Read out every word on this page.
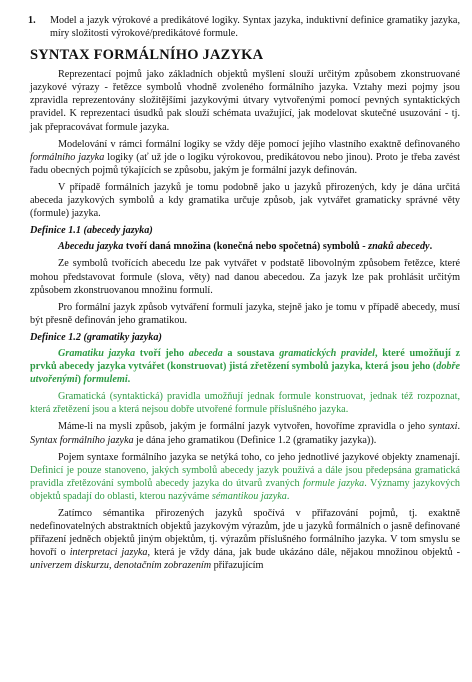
1. Model a jazyk výrokové a predikátové logiky. Syntax jazyka, induktivní definice gramatiky jazyka, míry složitosti výrokové/predikátové formule.
SYNTAX FORMÁLNÍHO JAZYKA

Reprezentací pojmů jako základních objektů myšlení slouží určitým způsobem zkonstruované jazykové výrazy - řetězce symbolů vhodně zvoleného formálního jazyka. Vztahy mezi pojmy jsou zpravidla reprezentovány složitějšími jazykovými útvary vytvořenými pomocí pevných syntaktických pravidel. K reprezentaci úsudků pak slouží schémata uvažující, jak modelovat skutečné usuzování - tj. jak přepracovávat formule jazyka.

Modelování v rámci formální logiky se vždy děje pomocí jejího vlastního exaktně definovaného formálního jazyka logiky (ať už jde o logiku výrokovou, predikátovou nebo jinou). Proto je třeba zavést řadu obecných pojmů týkajících se způsobu, jakým je formální jazyk definován.

V případě formálních jazyků je tomu podobně jako u jazyků přirozených, kdy je dána určitá abeceda jazykových symbolů a kdy gramatika určuje způsob, jak vytvářet gramaticky správné věty (formule) jazyka.

Definice 1.1 (abecedy jazyka)

Abecedu jazyka tvoří daná množina (konečná nebo spočetná) symbolů - znaků abecedy.

Ze symbolů tvořících abecedu lze pak vytvářet v podstatě libovolným způsobem řetězce, které mohou představovat formule (slova, věty) nad danou abecedou. Za jazyk lze pak prohlásit určitým způsobem zkonstruovanou množinu formulí.

Pro formální jazyk způsob vytváření formulí jazyka, stejně jako je tomu v případě abecedy, musí být přesně definován jeho gramatikou.

Definice 1.2 (gramatiky jazyka)

Gramatiku jazyka tvoří jeho abeceda a soustava gramatických pravidel, které umožňují z prvků abecedy jazyka vytvářet (konstruovat) jistá zřetězení symbolů jazyka, která jsou jeho (dobře utvořenými) formulemi.

Gramatická (syntaktická) pravidla umožňují jednak formule konstruovat, jednak též rozpoznat, která zřetězení jsou a která nejsou dobře utvořené formule příslušného jazyka.

Máme-li na mysli způsob, jakým je formální jazyk vytvořen, hovoříme zpravidla o jeho syntaxi. Syntax formálního jazyka je dána jeho gramatikou (Definice 1.2 (gramatiky jazyka)).

Pojem syntaxe formálního jazyka se netýká toho, co jeho jednotlivé jazykové objekty znamenají. Definicí je pouze stanoveno, jakých symbolů abecedy jazyk používá a dále jsou předepsána gramatická pravidla zřetězování symbolů abecedy jazyka do útvarů zvaných formule jazyka. Významy jazykových objektů spadají do oblasti, kterou nazýváme sémantikou jazyka.

Zatímco sémantika přirozených jazyků spočívá v přiřazování pojmů, tj. exaktně nedefinovatelných abstraktních objektů jazykovým výrazům, jde u jazyků formálních o jasně definované přiřazení jedněch objektů jiným objektům, tj. výrazům příslušného formálního jazyka. V tom smyslu se hovoří o interpretaci jazyka, která je vždy dána, jak bude ukázáno dále, nějakou množinou objektů - univerzem diskurzu, denotačním zobrazením přiřazujícím
